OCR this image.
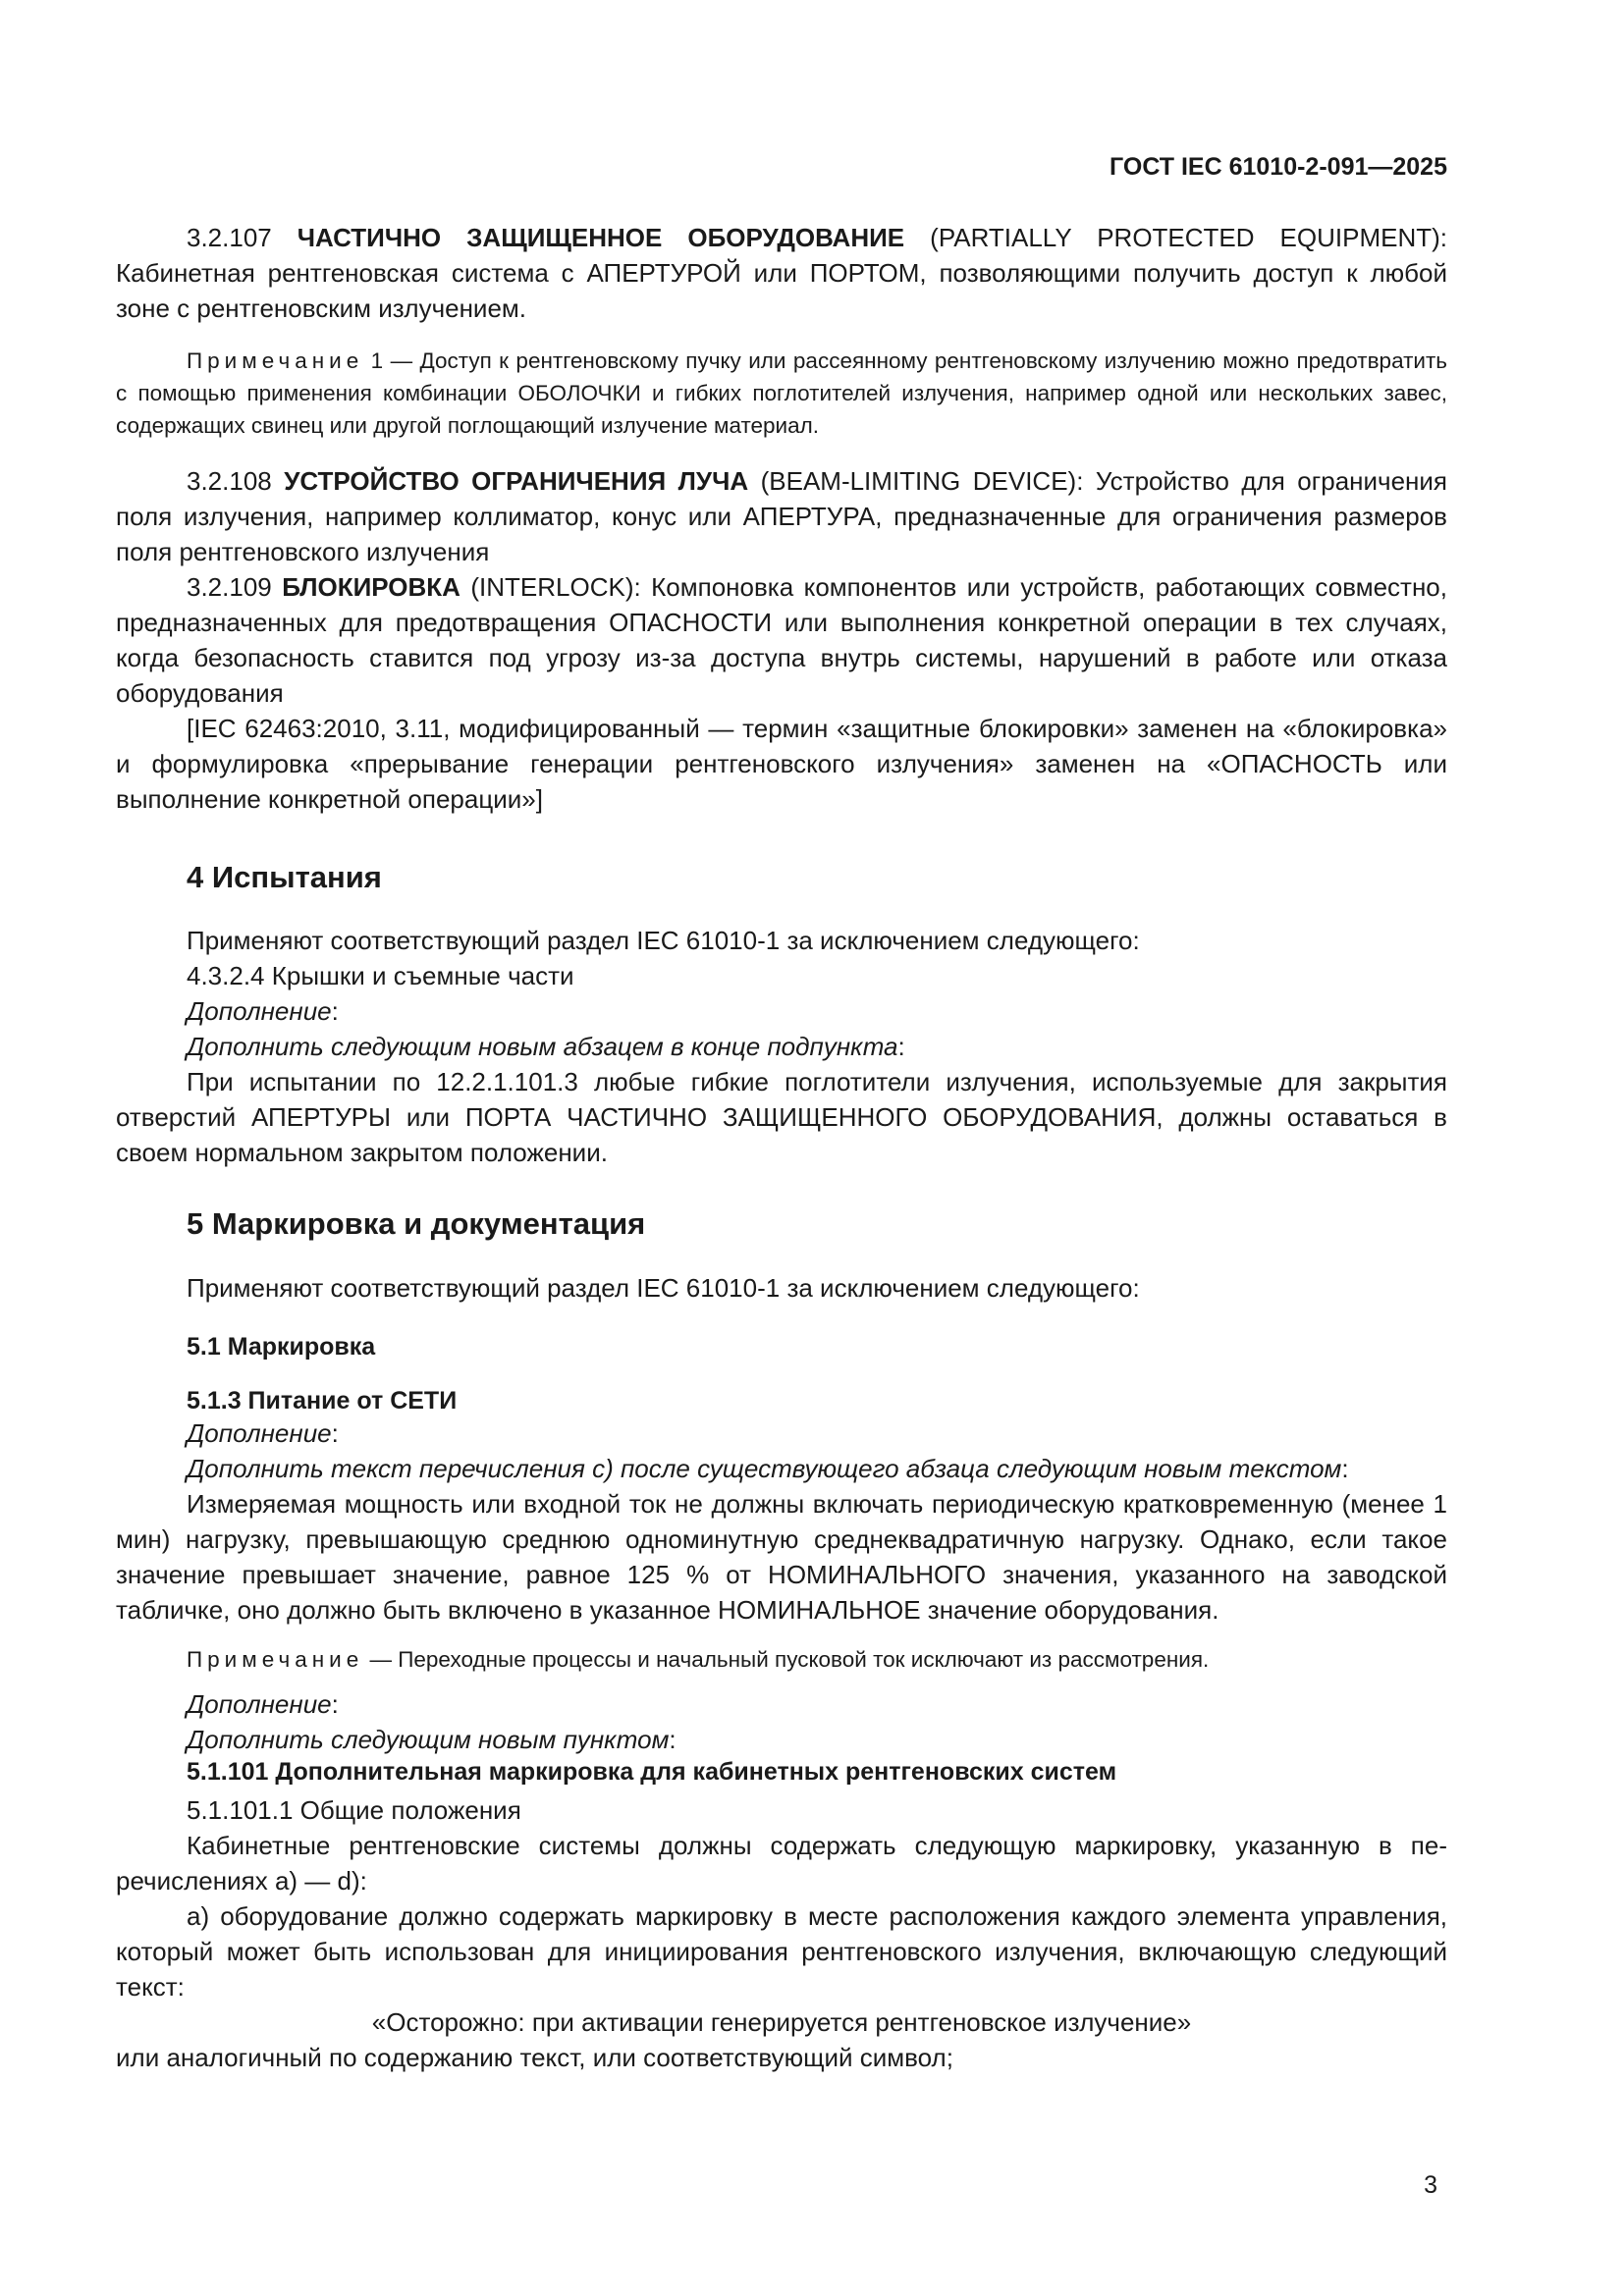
ГОСТ IEC 61010-2-091—2025

3.2.107 ЧАСТИЧНО ЗАЩИЩЕННОЕ ОБОРУДОВАНИЕ (PARTIALLY PROTECTED EQUIPMENT): Кабинетная рентгеновская система с АПЕРТУРОЙ или ПОРТОМ, позволяющими получить доступ к любой зоне с рентгеновским излучением.

Примечание 1 — Доступ к рентгеновскому пучку или рассеянному рентгеновскому излучению можно предотвратить с помощью применения комбинации ОБОЛОЧКИ и гибких поглотителей излучения, например одной или нескольких завес, содержащих свинец или другой поглощающий излучение материал.

3.2.108 УСТРОЙСТВО ОГРАНИЧЕНИЯ ЛУЧА (BEAM-LIMITING DEVICE): Устройство для ограничения поля излучения, например коллиматор, конус или АПЕРТУРА, предназначенные для ограничения размеров поля рентгеновского излучения

3.2.109 БЛОКИРОВКА (INTERLOCK): Компоновка компонентов или устройств, работающих совместно, предназначенных для предотвращения ОПАСНОСТИ или выполнения конкретной операции в тех случаях, когда безопасность ставится под угрозу из-за доступа внутрь системы, нарушений в работе или отказа оборудования

[IEC 62463:2010, 3.11, модифицированный — термин «защитные блокировки» заменен на «блокировка» и формулировка «прерывание генерации рентгеновского излучения» заменен на «ОПАСНОСТЬ или выполнение конкретной операции»]

4 Испытания

Применяют соответствующий раздел IEC 61010-1 за исключением следующего:

4.3.2.4 Крышки и съемные части

Дополнение:

Дополнить следующим новым абзацем в конце подпункта:

При испытании по 12.2.1.101.3 любые гибкие поглотители излучения, используемые для закрытия отверстий АПЕРТУРЫ или ПОРТА ЧАСТИЧНО ЗАЩИЩЕННОГО ОБОРУДОВАНИЯ, должны оставаться в своем нормальном закрытом положении.

5 Маркировка и документация

Применяют соответствующий раздел IEC 61010-1 за исключением следующего:

5.1 Маркировка

5.1.3 Питание от СЕТИ

Дополнение:

Дополнить текст перечисления с) после существующего абзаца следующим новым текстом:

Измеряемая мощность или входной ток не должны включать периодическую кратковременную (менее 1 мин) нагрузку, превышающую среднюю одноминутную среднеквадратичную нагрузку. Однако, если такое значение превышает значение, равное 125 % от НОМИНАЛЬНОГО значения, указанного на заводской табличке, оно должно быть включено в указанное НОМИНАЛЬНОЕ значение оборудования.

Примечание — Переходные процессы и начальный пусковой ток исключают из рассмотрения.

Дополнение:

Дополнить следующим новым пунктом:

5.1.101 Дополнительная маркировка для кабинетных рентгеновских систем

5.1.101.1 Общие положения

Кабинетные рентгеновские системы должны содержать следующую маркировку, указанную в перечислениях а) — d):

а) оборудование должно содержать маркировку в месте расположения каждого элемента управления, который может быть использован для инициирования рентгеновского излучения, включающую следующий текст:

«Осторожно: при активации генерируется рентгеновское излучение»

или аналогичный по содержанию текст, или соответствующий символ;

3
